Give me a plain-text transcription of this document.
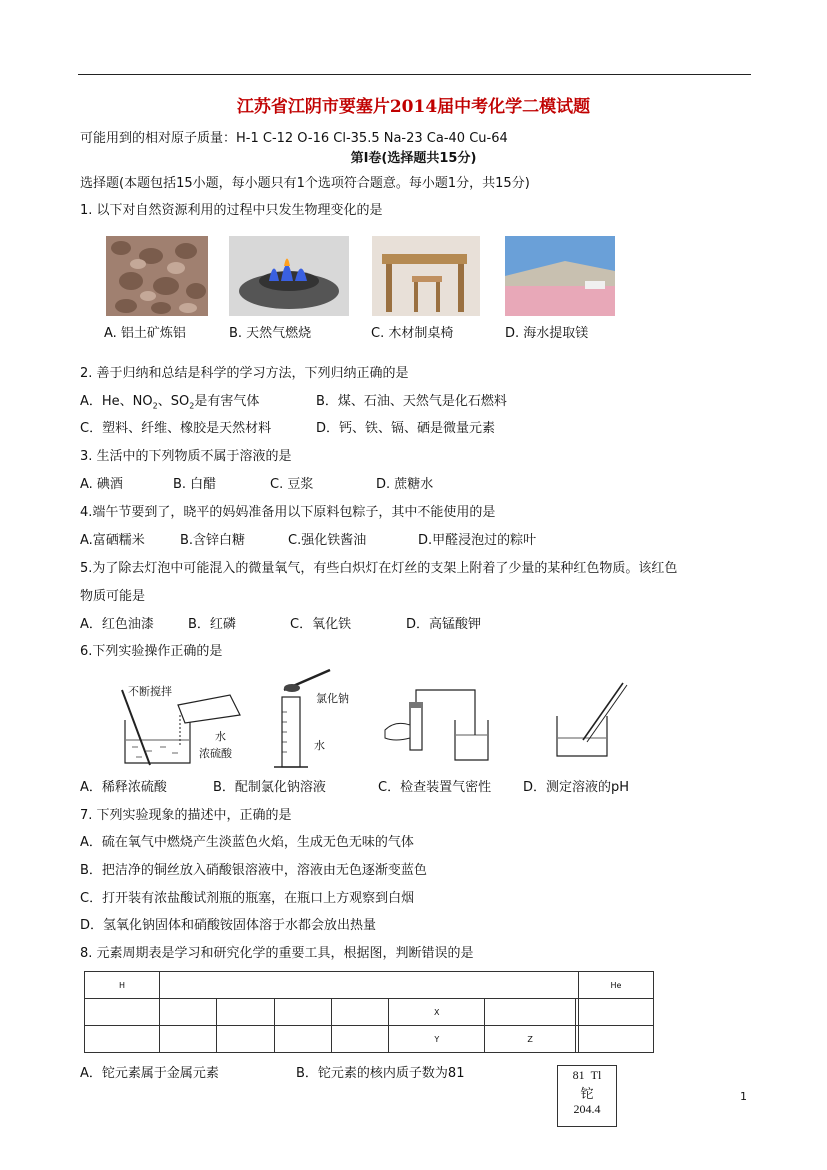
江苏省江阴市要塞片2014届中考化学二模试题
可能用到的相对原子质量：H-1 C-12 O-16 Cl-35.5 Na-23 Ca-40 Cu-64
第Ⅰ卷(选择题共15分)
选择题(本题包括15小题，每小题只有1个选项符合题意。每小题1分，共15分)
1. 以下对自然资源利用的过程中只发生物理变化的是
A. 铝土矿炼铝	B. 天然气燃烧	C. 木材制桌椅	D. 海水提取镁
2. 善于归纳和总结是科学的学习方法，下列归纳正确的是
A．He、$NO_2$、$SO_2$是有害气体	B．煤、石油、天然气是化石燃料
C．塑料、纤维、橡胶是天然材料	D．钙、铁、镉、硒是微量元素
3. 生活中的下列物质不属于溶液的是
A. 碘酒	B. 白醋	C. 豆浆	D. 蔗糖水
4.端午节要到了，晓平的妈妈准备用以下原料包粽子，其中不能使用的是
A.富硒糯米	B.含锌白糖	C.强化铁酱油	D.甲醛浸泡过的粽叶
5.为了除去灯泡中可能混入的微量氧气，有些白炽灯在灯丝的支架上附着了少量的某种红色物质。该红色
物质可能是
A．红色油漆	B．红磷	C．氧化铁	D．高锰酸钾
6.下列实验操作正确的是
不断搅拌
水
浓硫酸
氯化钠
水
A．稀释浓硫酸	B．配制氯化钠溶液	C．检查装置气密性 D．测定溶液的pH
7. 下列实验现象的描述中，正确的是
A．硫在氧气中燃烧产生淡蓝色火焰，生成无色无味的气体
B．把洁净的铜丝放入硝酸银溶液中，溶液由无色逐渐变蓝色
C．打开装有浓盐酸试剂瓶的瓶塞，在瓶口上方观察到白烟
D．氢氧化钠固体和硝酸铵固体溶于水都会放出热量
8. 元素周期表是学习和研究化学的重要工具，根据图，判断错误的是
H								He
					X			
					Y	Z		
A．铊元素属于金属元素	B．铊元素的核内质子数为81	81 Tl
铊
204.4
1
